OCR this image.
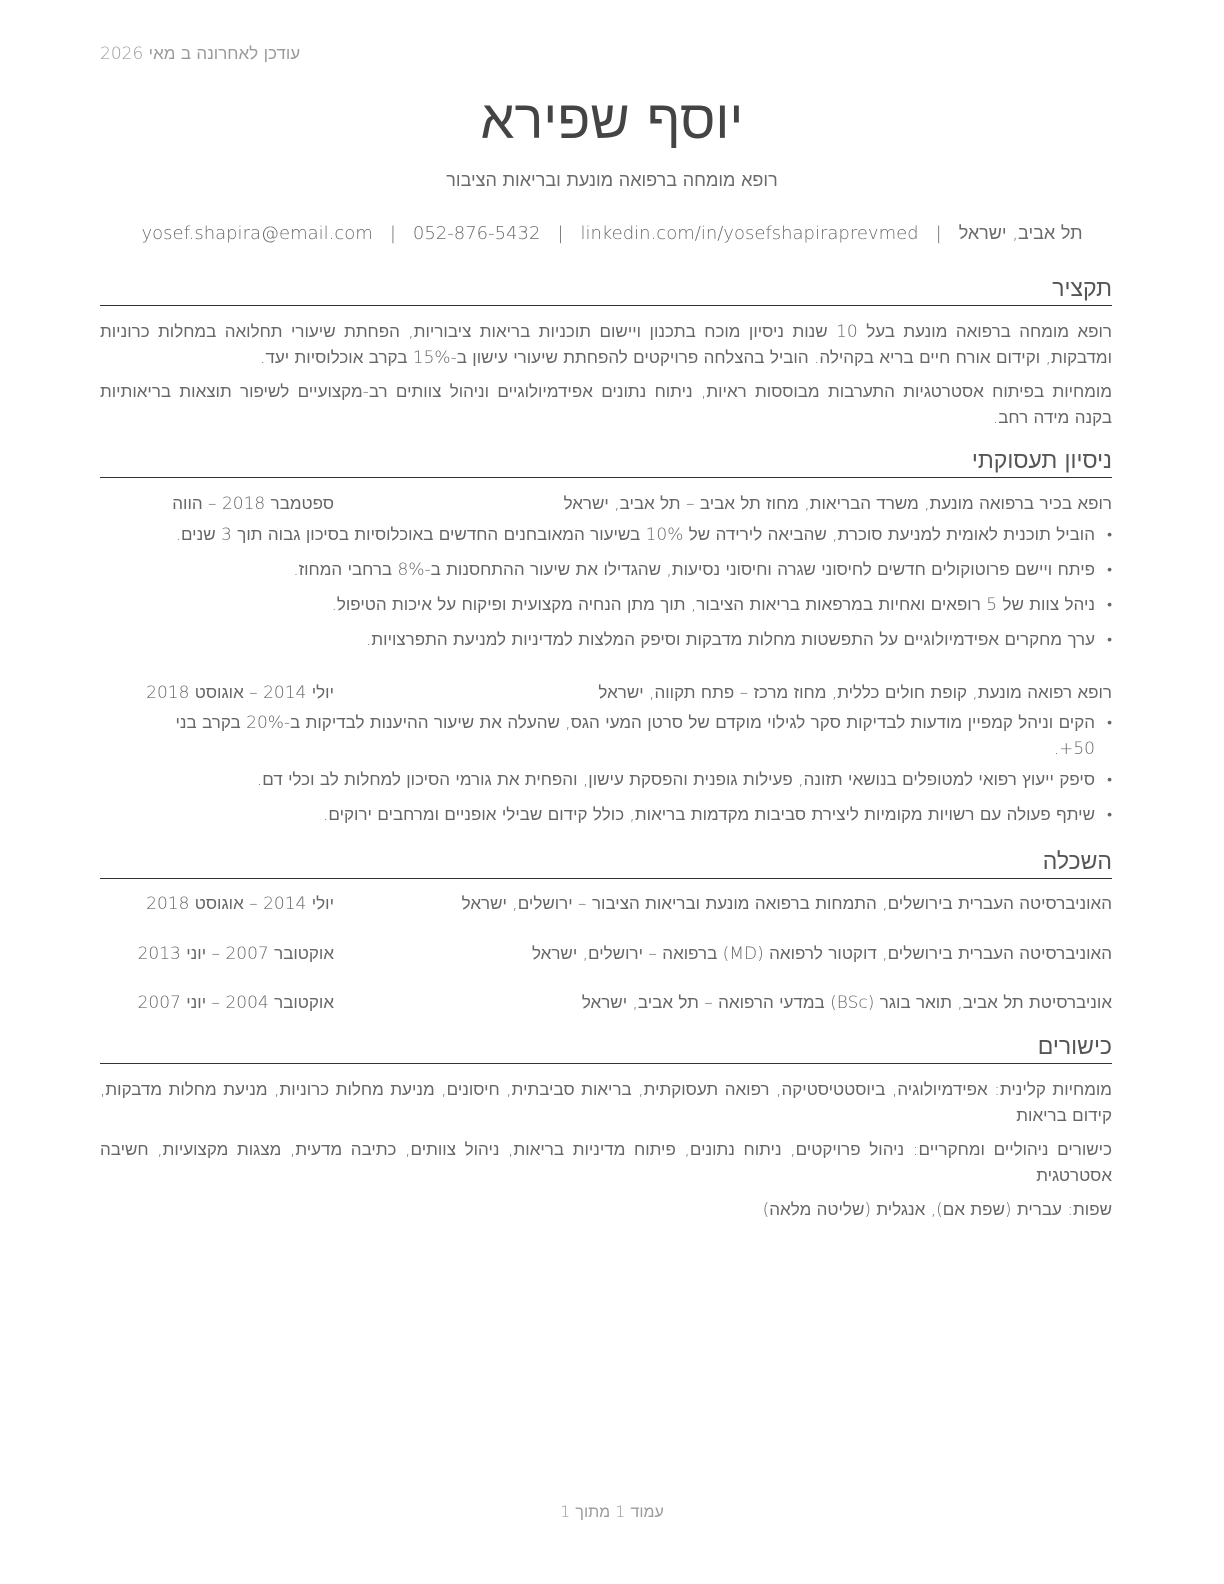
עודכן לאחרונה ב מאי 2026
יוסף שפירא
רופא מומחה ברפואה מונעת ובריאות הציבור
תל אביב, ישראל|yosef.shapira@email.com | 052-876-5432 | linkedin.com/in/yosefshapiraprevmed
תקציר
רופא מומחה ברפואה מונעת בעל 10 שנות ניסיון מוכח בתכנון ויישום תוכניות בריאות ציבוריות, הפחתת שיעורי תחלואה במחלות כרוניות ומדבקות, וקידום אורח חיים בריא בקהילה. הוביל בהצלחה פרויקטים להפחתת שיעורי עישון ב-15% בקרב אוכלוסיות יעד.
מומחיות בפיתוח אסטרטגיות התערבות מבוססות ראיות, ניתוח נתונים אפידמיולוגיים וניהול צוותים רב-מקצועיים לשיפור תוצאות בריאותיות בקנה מידה רחב.
ניסיון תעסוקתי
רופא בכיר ברפואה מונעת, משרד הבריאות, מחוז תל אביב – תל אביב, ישראל
ספטמבר 2018 – הווה
•
הוביל תוכנית לאומית למניעת סוכרת, שהביאה לירידה של 10% בשיעור המאובחנים החדשים באוכלוסיות בסיכון גבוה תוך 3 שנים.
•
פיתח ויישם פרוטוקולים חדשים לחיסוני שגרה וחיסוני נסיעות, שהגדילו את שיעור ההתחסנות ב-8% ברחבי המחוז.
•
ניהל צוות של 5 רופאים ואחיות במרפאות בריאות הציבור, תוך מתן הנחיה מקצועית ופיקוח על איכות הטיפול.
•
ערך מחקרים אפידמיולוגיים על התפשטות מחלות מדבקות וסיפק המלצות למדיניות למניעת התפרצויות.
רופא רפואה מונעת, קופת חולים כללית, מחוז מרכז – פתח תקווה, ישראל
יולי 2014 – אוגוסט 2018
•
הקים וניהל קמפיין מודעות לבדיקות סקר לגילוי מוקדם של סרטן המעי הגס, שהעלה את שיעור ההיענות לבדיקות ב-20% בקרב בני 50+.
•
סיפק ייעוץ רפואי למטופלים בנושאי תזונה, פעילות גופנית והפסקת עישון, והפחית את גורמי הסיכון למחלות לב וכלי דם.
•
שיתף פעולה עם רשויות מקומיות ליצירת סביבות מקדמות בריאות, כולל קידום שבילי אופניים ומרחבים ירוקים.
השכלה
האוניברסיטה העברית בירושלים, התמחות ברפואה מונעת ובריאות הציבור – ירושלים, ישראל
יולי 2014 – אוגוסט 2018
האוניברסיטה העברית בירושלים, דוקטור לרפואה (MD) ברפואה – ירושלים, ישראל
אוקטובר 2007 – יוני 2013
אוניברסיטת תל אביב, תואר בוגר (BSc) במדעי הרפואה – תל אביב, ישראל
אוקטובר 2004 – יוני 2007
כישורים
מומחיות קלינית: אפידמיולוגיה, ביוסטטיסטיקה, רפואה תעסוקתית, בריאות סביבתית, חיסונים, מניעת מחלות כרוניות, מניעת מחלות מדבקות, קידום בריאות
כישורים ניהוליים ומחקריים: ניהול פרויקטים, ניתוח נתונים, פיתוח מדיניות בריאות, ניהול צוותים, כתיבה מדעית, מצגות מקצועיות, חשיבה אסטרטגית
שפות: עברית (שפת אם), אנגלית (שליטה מלאה)
עמוד 1 מתוך 1
